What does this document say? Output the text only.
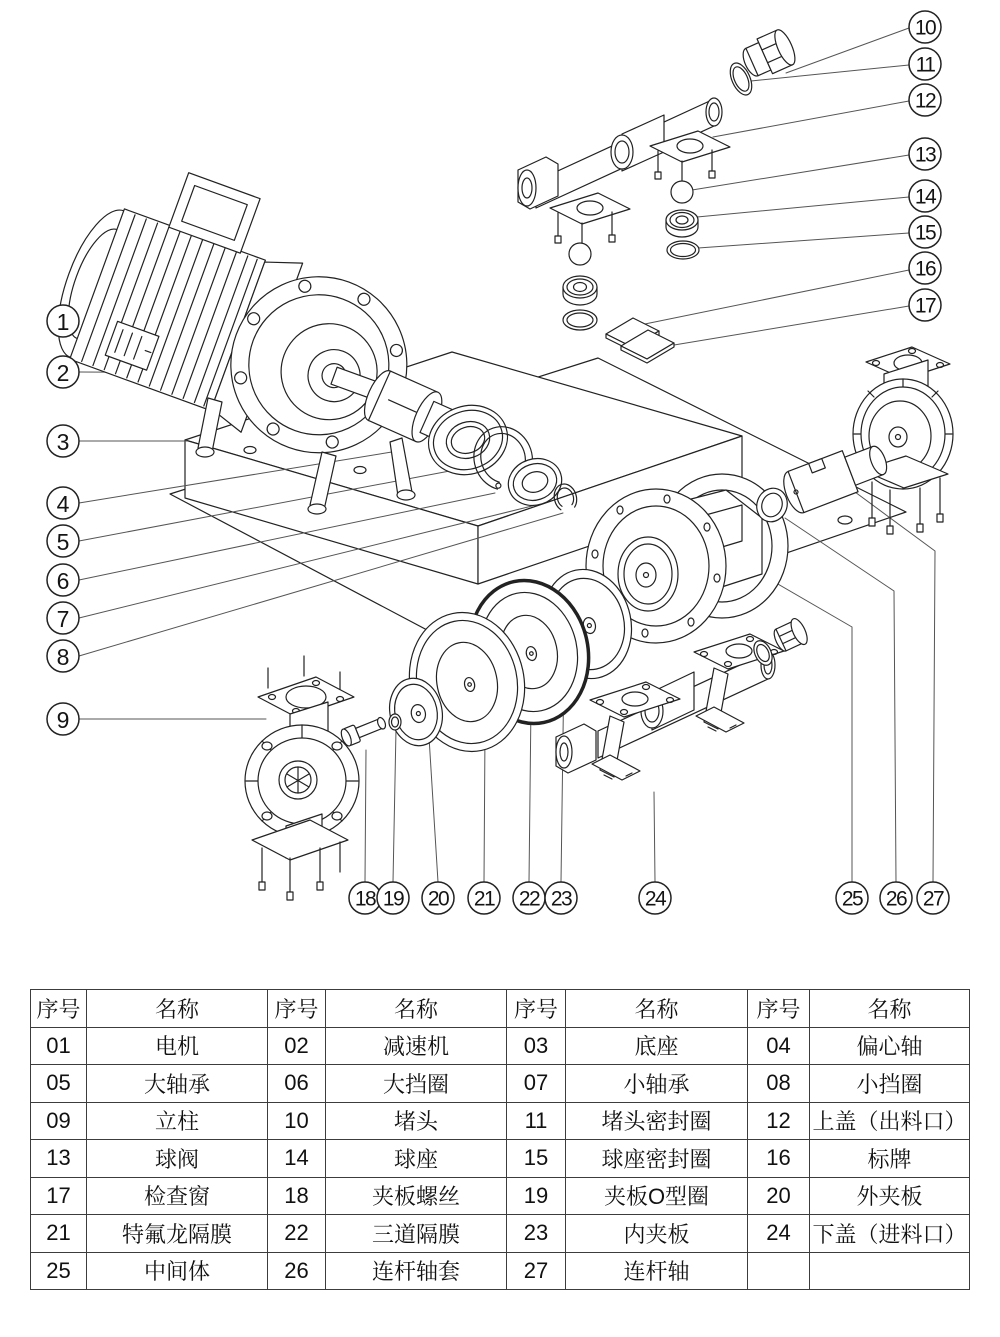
1
2
3
4
5
6
7
8
9
10
11
12
13
14
15
16
17
18 19 20 21 22 23	24	25 26 27
序号	名称	序号	名称	序号	名称	序号	名称
01	电机	02	减速机	03	底座	04	偏心轴
05	大轴承	06	大挡圈	07	小轴承	08	小挡圈
09	立柱	10	堵头	11	堵头密封圈	12	上盖（出料口）
13	球阀	14	球座	15	球座密封圈	16	标牌
17	检查窗	18	夹板螺丝	19	夹板O型圈	20	外夹板
21	特氟龙隔膜	22	三道隔膜	23	内夹板	24	下盖（进料口）
25	中间体	26	连杆轴套	27	连杆轴		
